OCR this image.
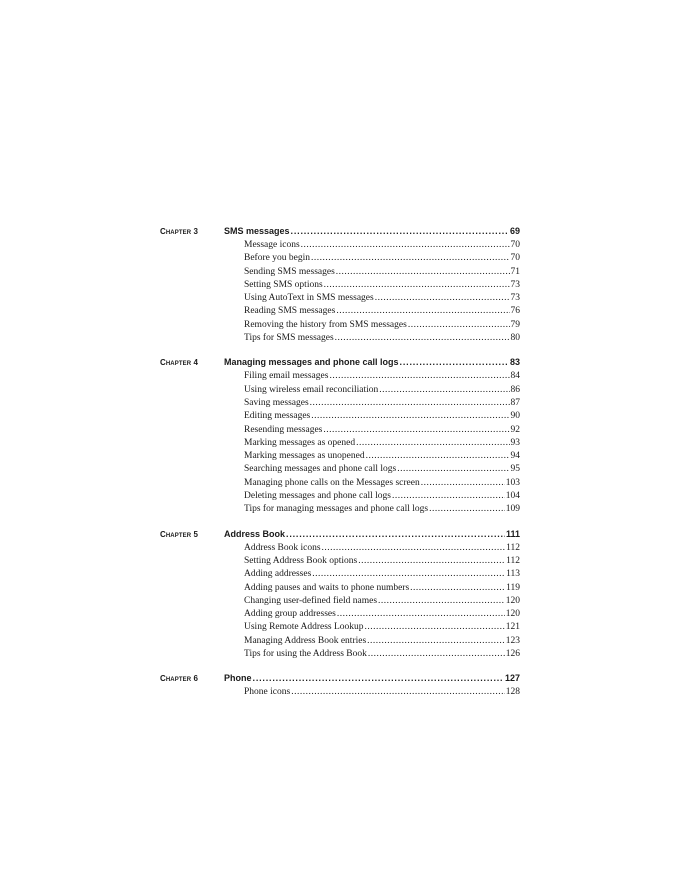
Chapter 3	SMS messages .....	69
Message icons .....	70
Before you begin .....	70
Sending SMS messages .....	71
Setting SMS options .....	73
Using AutoText in SMS messages .....	73
Reading SMS messages .....	76
Removing the history from SMS messages .....	79
Tips for SMS messages .....	80
Chapter 4	Managing messages and phone call logs .....	83
Filing email messages .....	84
Using wireless email reconciliation .....	86
Saving messages .....	87
Editing messages .....	90
Resending messages .....	92
Marking messages as opened .....	93
Marking messages as unopened .....	94
Searching messages and phone call logs .....	95
Managing phone calls on the Messages screen .....	103
Deleting messages and phone call logs .....	104
Tips for managing messages and phone call logs .....	109
Chapter 5	Address Book .....	111
Address Book icons .....	112
Setting Address Book options .....	112
Adding addresses .....	113
Adding pauses and waits to phone numbers .....	119
Changing user-defined field names .....	120
Adding group addresses .....	120
Using Remote Address Lookup .....	121
Managing Address Book entries .....	123
Tips for using the Address Book .....	126
Chapter 6	Phone .....	127
Phone icons .....	128
